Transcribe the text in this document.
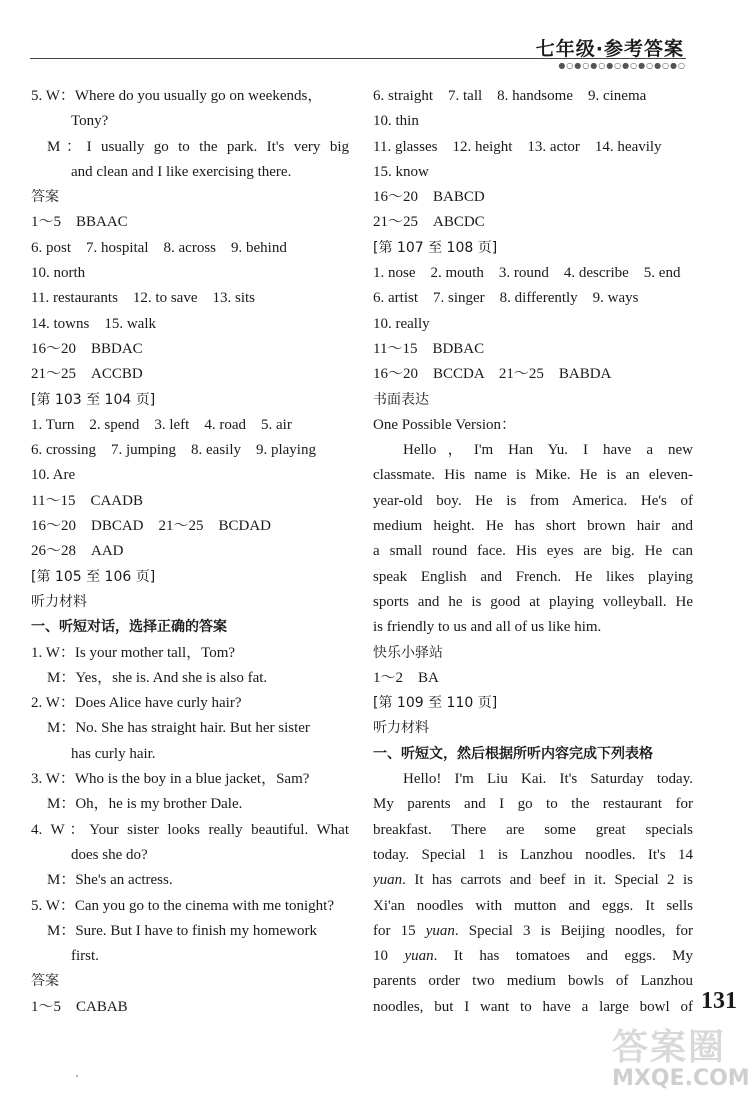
七年级·参考答案
●○●○●○●○●○●○●○●○
5. W：Where do you usually go on weekends，
Tony?
M：I usually go to the park. It's very big
and clean and I like exercising there.
答案
1～5　BBAAC
6. post　7. hospital　8. across　9. behind
10. north
11. restaurants　12. to save　13. sits
14. towns　15. walk
16～20　BBDAC
21～25　ACCBD
[第 103 至 104 页]
1. Turn　2. spend　3. left　4. road　5. air
6. crossing　7. jumping　8. easily　9. playing
10. Are
11～15　CAADB
16～20　DBCAD　21～25　BCDAD
26～28　AAD
[第 105 至 106 页]
听力材料
一、听短对话，选择正确的答案
1. W：Is your mother tall，Tom?
M：Yes，she is. And she is also fat.
2. W：Does Alice have curly hair?
M：No. She has straight hair. But her sister
has curly hair.
3. W：Who is the boy in a blue jacket，Sam?
M：Oh，he is my brother Dale.
4. W：Your sister looks really beautiful. What
does she do?
M：She's an actress.
5. W：Can you go to the cinema with me tonight?
M：Sure. But I have to finish my homework
first.
答案
1～5　CABAB
6. straight　7. tall　8. handsome　9. cinema
10. thin
11. glasses　12. height　13. actor　14. heavily
15. know
16～20　BABCD
21～25　ABCDC
[第 107 至 108 页]
1. nose　2. mouth　3. round　4. describe　5. end
6. artist　7. singer　8. differently　9. ways
10. really
11～15　BDBAC
16～20　BCCDA　21～25　BABDA
书面表达
One Possible Version：
Hello，I'm Han Yu. I have a new
classmate. His name is Mike. He is an eleven-
year-old boy. He is from America. He's of
medium height. He has short brown hair and
a small round face. His eyes are big. He can
speak English and French. He likes playing
sports and he is good at playing volleyball. He
is friendly to us and all of us like him.
快乐小驿站
1～2　BA
[第 109 至 110 页]
听力材料
一、听短文，然后根据所听内容完成下列表格
Hello! I'm Liu Kai. It's Saturday today.
My parents and I go to the restaurant for
breakfast. There are some great specials
today. Special 1 is Lanzhou noodles. It's 14
yuan. It has carrots and beef in it. Special 2 is
Xi'an noodles with mutton and eggs. It sells
for 15 yuan. Special 3 is Beijing noodles, for
10 yuan. It has tomatoes and eggs. My
parents order two medium bowls of Lanzhou
noodles, but I want to have a large bowl of 131
答案圈
MXQE.COM
